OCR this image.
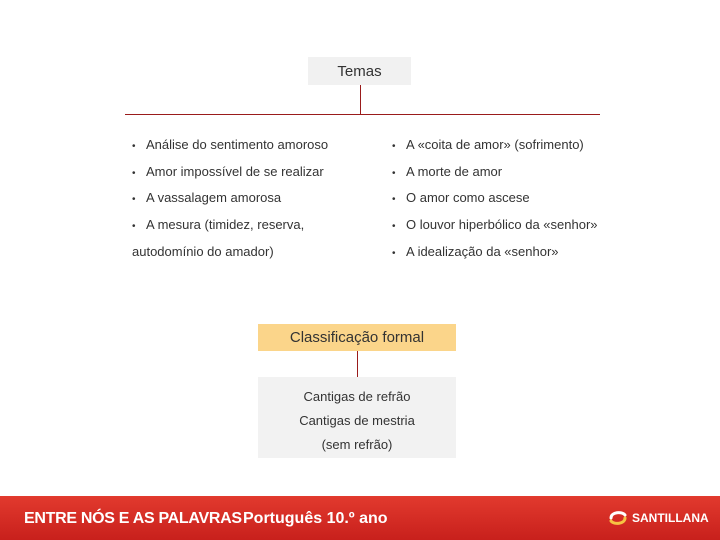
Temas
• Análise do sentimento amoroso
• Amor impossível de se realizar
• A vassalagem amorosa
• A mesura (timidez, reserva,
autodomínio do amador)
• A «coita de amor» (sofrimento)
• A morte de amor
• O amor como ascese
• O louvor hiperbólico da «senhor»
• A idealização da «senhor»
Classificação formal
Cantigas de refrão
Cantigas de mestria
(sem refrão)
ENTRE NÓS E AS PALAVRAS Português 10.º ano	SANTILLANA
